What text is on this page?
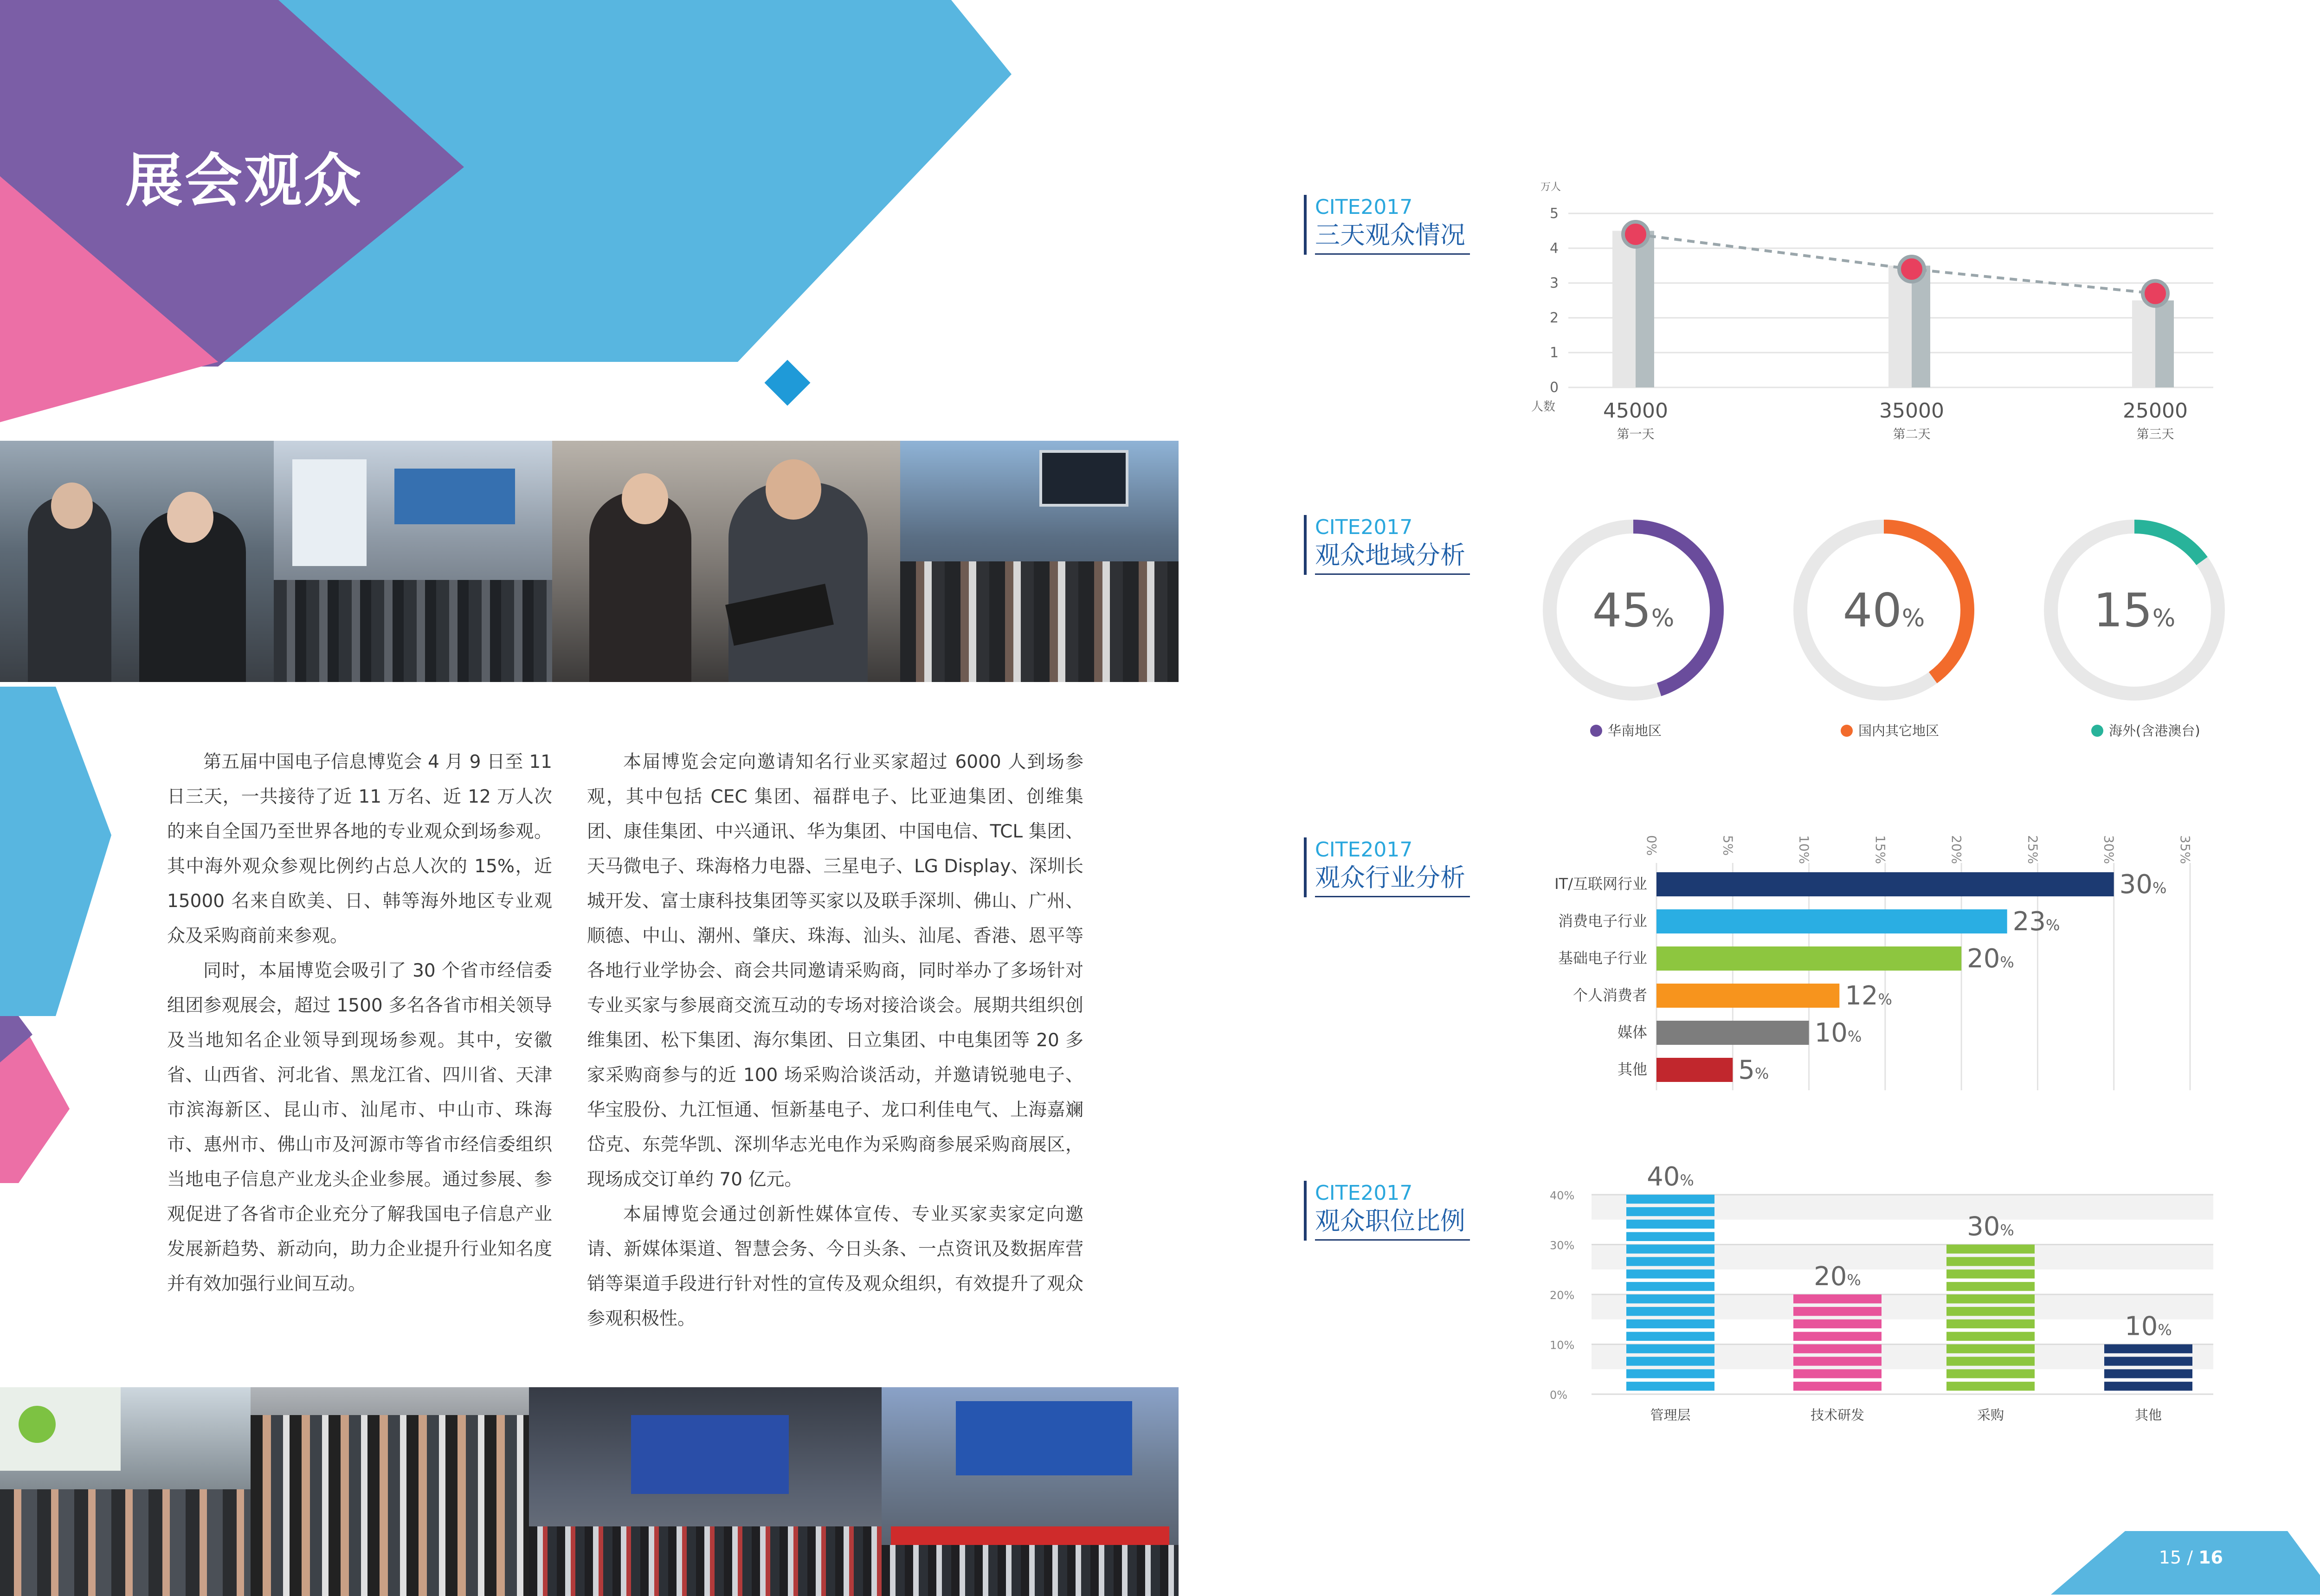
展会观众

第五届中国电子信息博览会 4 月 9 日至 11 日三天，一共接待了近 11 万名、近 12 万人次的来自全国乃至世界各地的专业观众到场参观。其中海外观众参观比例约占总人次的 15%，近 15000 名来自欧美、日、韩等海外地区专业观众及采购商前来参观。

同时，本届博览会吸引了 30 个省市经信委组团参观展会，超过 1500 多名各省市相关领导及当地知名企业领导到现场参观。其中，安徽省、山西省、河北省、黑龙江省、四川省、天津市滨海新区、昆山市、汕尾市、中山市、珠海市、惠州市、佛山市及河源市等省市经信委组织当地电子信息产业龙头企业参展。通过参展、参观促进了各省市企业充分了解我国电子信息产业发展新趋势、新动向，助力企业提升行业知名度并有效加强行业间互动。

本届博览会定向邀请知名行业买家超过 6000 人到场参观，其中包括 CEC 集团、福群电子、比亚迪集团、创维集团、康佳集团、中兴通讯、华为集团、中国电信、TCL 集团、天马微电子、珠海格力电器、三星电子、LG Display、深圳长城开发、富士康科技集团等买家以及联手深圳、佛山、广州、顺德、中山、潮州、肇庆、珠海、汕头、汕尾、香港、恩平等各地行业学协会、商会共同邀请采购商，同时举办了多场针对专业买家与参展商交流互动的专场对接洽谈会。展期共组织创维集团、松下集团、海尔集团、日立集团、中电集团等 20 多家采购商参与的近 100 场采购洽谈活动，并邀请锐驰电子、华宝股份、九江恒通、恒新基电子、龙口利佳电气、上海嘉斓岱克、东莞华凯、深圳华志光电作为采购商参展采购商展区，现场成交订单约 70 亿元。

本届博览会通过创新性媒体宣传、专业买家卖家定向邀请、新媒体渠道、智慧会务、今日头条、一点资讯及数据库营销等渠道手段进行针对性的宣传及观众组织，有效提升了观众参观积极性。

CITE2017
三天观众情况
CITE2017
观众地域分析
CITE2017
观众行业分析
CITE2017
观众职位比例
万人
0
1
2
3
4
5
人数 45000
第一天
35000
第二天
25000
第三天
45%
华南地区
40%
国内其它地区
15%
海外(含港澳台)
0%	5%	10%	15%	20%	25%	30%	35%
IT/互联网行业	30%
消费电子行业	23%
基础电子行业	20%
个人消费者	12%
媒体	10%
其他	5%
0%
10%
20%
30%
40%
40%
管理层
20%
技术研发
30%
采购
10%
其他
15 / 16
